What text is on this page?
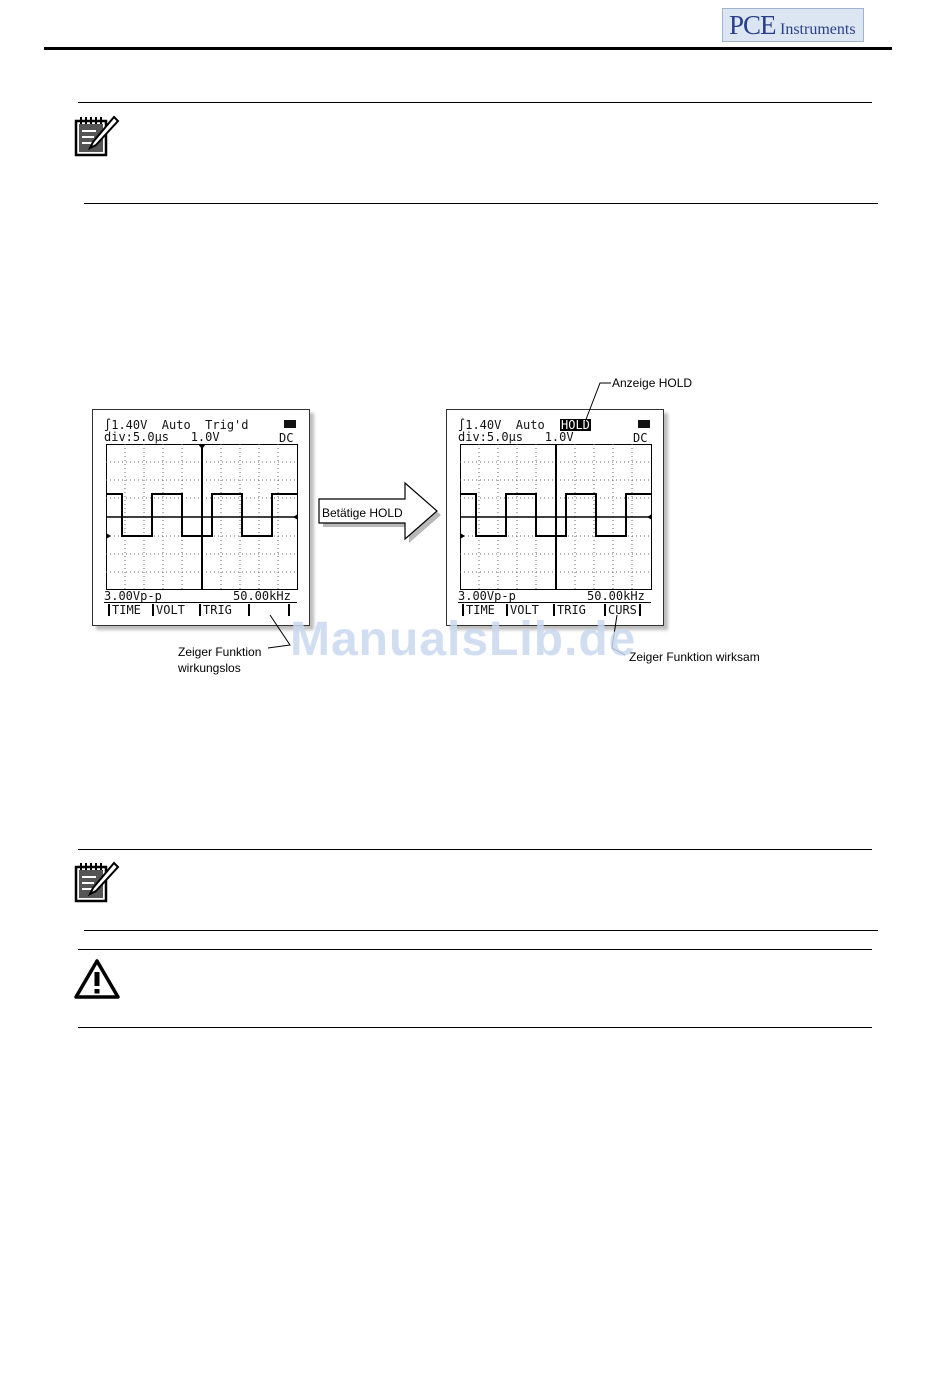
PCE Instruments
∫1.40V  Auto  Trig'd
div:5.0µs   1.0V	DC
3.00Vp-p	50.00kHz
TIME	VOLT	TRIG
Betätige HOLD
∫1.40V  Auto HOLD
div:5.0µs   1.0V	DC
3.00Vp-p	50.00kHz
TIME	VOLT	TRIG	CURS
Anzeige HOLD
Zeiger Funktion
wirkungslos
Zeiger Funktion wirksam
ManualsLib.de
